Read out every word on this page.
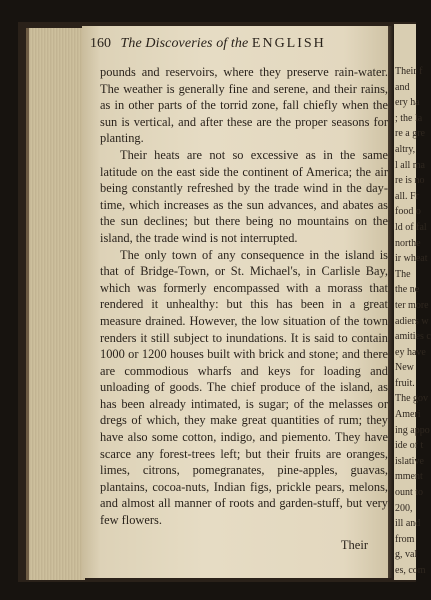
160 The Discoveries of the ENGLISH

pounds and reservoirs, where they preserve rain-water. The weather is generally fine and serene, and their rains, as in other parts of the torrid zone, fall chiefly when the sun is vertical, and after these are the proper seasons for planting.

Their heats are not so excessive as in the same latitude on the east side the continent of America; the air being constantly refreshed by the trade wind in the day-time, which increases as the sun advances, and abates as the sun declines; but there being no mountains on the island, the trade wind is not interrupted.

The only town of any consequence in the island is that of Bridge-Town, or St. Michael's, in Carlisle Bay, which was formerly encompassed with a morass that rendered it unhealthy: but this has been in a great measure drained. However, the low situation of the town renders it still subject to inundations. It is said to contain 1000 or 1200 houses built with brick and stone; and there are commodious wharfs and keys for loading and unloading of goods. The chief produce of the island, as has been already intimated, is sugar; of the melasses or dregs of which, they make great quantities of rum; they have also some cotton, indigo, and piemento. They have scarce any forest-trees left; but their fruits are oranges, limes, citrons, pomegranates, pine-apples, guavas, plantains, cocoa-nuts, Indian figs, prickle pears, melons, and almost all manner of roots and garden-stuff, but very few flowers.

Their
Their f
and
ery ha
; the la
re a gre
altry,
l all ma
re is no
all. Fr
food o
ld of fal
northe
ir wheat
The
the ne
ter more
adiers w
amities c
ey have
New
fruit.
The gov
Ameri
ing appo
ide of t
islative
mment
ount to
200,
ill and
from
g, val
es, com
